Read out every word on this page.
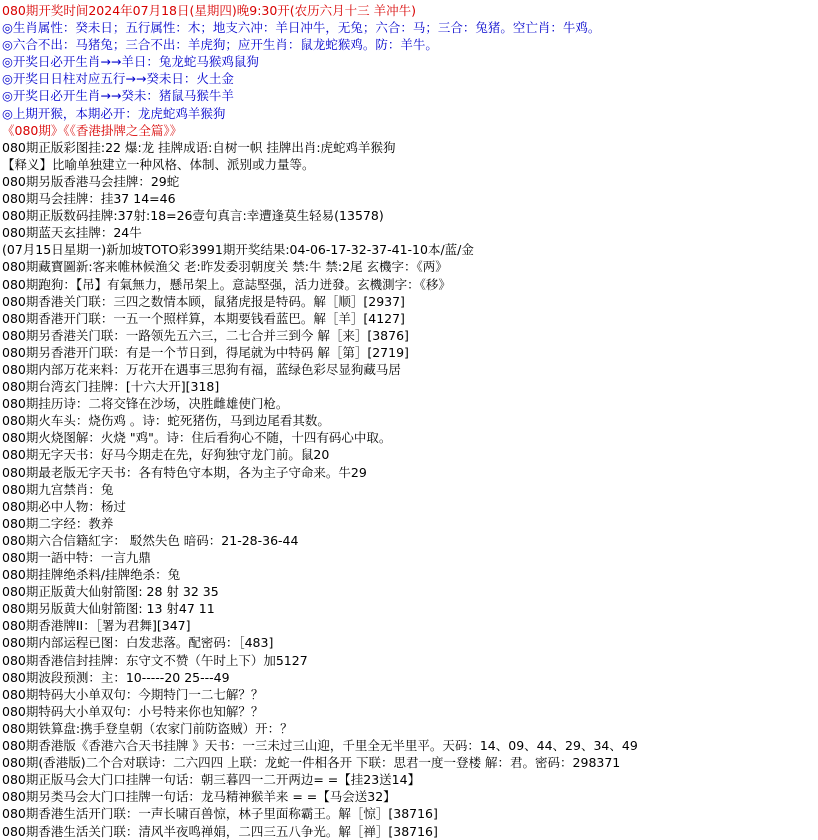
080期开奖时间2024年07月18日(星期四)晚9:30开(农历六月十三 羊冲牛)
◎生肖属性：癸未日；五行属性：木；地支六冲：羊日冲牛，无兔；六合：马；三合：兔猪。空亡肖：牛鸡。
◎六合不出：马猪兔；三合不出：羊虎狗；应开生肖：鼠龙蛇猴鸡。防：羊牛。
◎开奖日必开生肖→→羊日：兔龙蛇马猴鸡鼠狗
◎开奖日日柱对应五行→→癸未日：火土金
◎开奖日必开生肖→→癸未：猪鼠马猴牛羊
◎上期开猴，本期必开：龙虎蛇鸡羊猴狗
《080期》《《香港掛牌之全篇》》
080期正版彩图挂:22 爆:龙 挂牌成语:自树一帜 挂牌出肖:虎蛇鸡羊猴狗
【释义】比喻单独建立一种风格、体制、派别或力量等。
080期另版香港马会挂牌：29蛇
080期马会挂牌：挂37 14=46
080期正版数码挂牌:37射:18=26壹句真言:幸遭逢莫生轻易(13578)
080期蓝天玄挂牌：24牛
(07月15日星期一)新加坡TOTO彩3991期开奖结果:04-06-17-32-37-41-10本/蓝/金
080期藏寶圖新:客来帷林候渔父 老:昨发委羽朝度关 禁:牛 禁:2尾 玄機字：《两》
080期跑狗：【吊】有氣無力，懸吊架上。意誌堅强，活力迸發。玄機測字：《移》
080期香港关门联：三四之数情本顾，鼠猪虎报是特码。解［顺］[2937]
080期香港开门联：一五一个照样算，本期要钱看蓝巴。解［羊］[4127]
080期另香港关门联：一路领先五六三，二七合并三到今 解［来］[3876]
080期另香港开门联：有是一个节日到，得尾就为中特码 解［第］[2719]
080期内部万花来料：万花开在遇事三思狗有福，蓝绿色彩尽显狗藏马居
080期台湾玄门挂牌：[十六大开][318]
080期挂历诗：二将交锋在沙场，决胜雌雄使门枪。
080期火车头：烧伤鸡 。诗：蛇死猪伤，马到边尾看其数。
080期火烧图解：火烧 "鸡"。诗：住后看狗心不随，十四有码心中取。
080期无字天书：好马今期走在先，好狗独守龙门前。鼠20
080期最老版无字天书：各有特色守本期，各为主子守命来。牛29
080期九宫禁肖：兔
080期必中人物：杨过
080期二字经：教养
080期六合信籍紅字： 駁然失色 暗码：21-28-36-44
080期一語中特：一言九鼎
080期挂牌绝杀料/挂牌绝杀：兔
080期正版黄大仙射箭图: 28 射 32 35
080期另版黄大仙射箭图: 13 射47 11
080期香港牌II：［署为君舞][347]
080期内部运程已图：白发悲落。配密码：［483]
080期香港信封挂牌：东守文不赞（午时上下）加5127
080期波段预测：主：10-----20 25---49
080期特码大小单双句：今期特门一二七解？？
080期特码大小单双句：小号特来你也知解？？
080期铁算盘:携手登皇朝（农家门前防盗贼）开：？
080期香港版《香港六合天书挂牌 》天书：一三未过三山迎，千里全无半里平。天码：14、09、44、29、34、49
080期(香港版)二个合对联诗：二六四四 上联：龙蛇一件相各开 下联：思君一度一登楼 解：君。密码：298371
080期正版马会大门口挂牌一句话：朝三暮四一二开两边= =【挂23送14】
080期另类马会大门口挂牌一句话：龙马精神猴羊来 = =【马会送32】
080期香港生活开门联：一声长啸百兽惊，林子里面称霸王。解［惊］[38716]
080期香港生活关门联：清风半夜鸣禅娟，二四三五八争光。解［禅］[38716]
